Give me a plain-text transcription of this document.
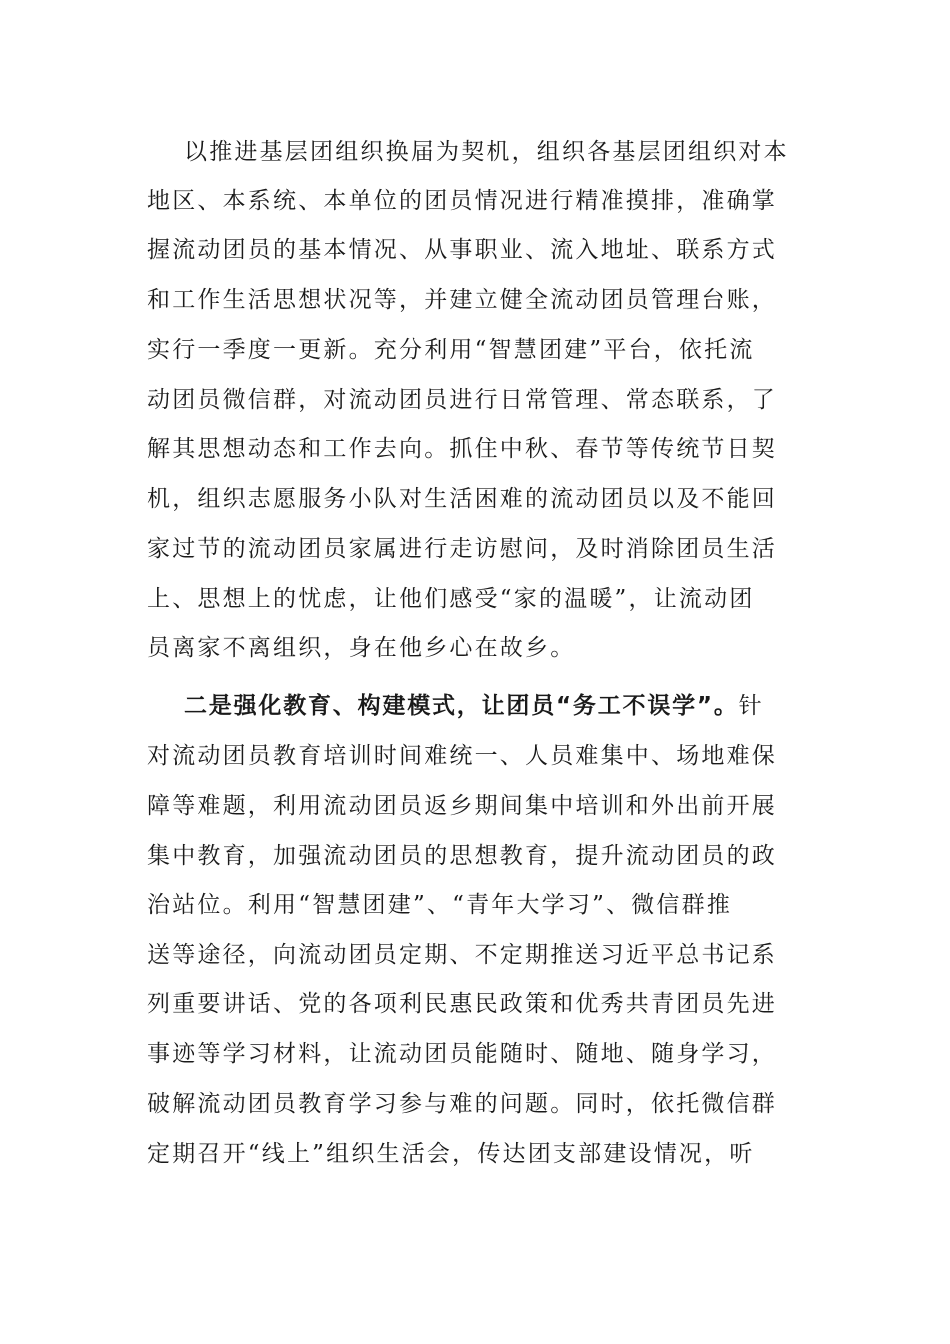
以推进基层团组织换届为契机，组织各基层团组织对本
地区、本系统、本单位的团员情况进行精准摸排，准确掌
握流动团员的基本情况、从事职业、流入地址、联系方式
和工作生活思想状况等，并建立健全流动团员管理台账，
实行一季度一更新。充分利用“智慧团建”平台，依托流
动团员微信群，对流动团员进行日常管理、常态联系，了
解其思想动态和工作去向。抓住中秋、春节等传统节日契
机，组织志愿服务小队对生活困难的流动团员以及不能回
家过节的流动团员家属进行走访慰问，及时消除团员生活
上、思想上的忧虑，让他们感受“家的温暖”，让流动团
员离家不离组织，身在他乡心在故乡。
二是强化教育、构建模式，让团员“务工不误学”。针
对流动团员教育培训时间难统一、人员难集中、场地难保
障等难题，利用流动团员返乡期间集中培训和外出前开展
集中教育，加强流动团员的思想教育，提升流动团员的政
治站位。利用“智慧团建”、“青年大学习”、微信群推
送等途径，向流动团员定期、不定期推送习近平总书记系
列重要讲话、党的各项利民惠民政策和优秀共青团员先进
事迹等学习材料，让流动团员能随时、随地、随身学习，
破解流动团员教育学习参与难的问题。同时，依托微信群
定期召开“线上”组织生活会，传达团支部建设情况，听
